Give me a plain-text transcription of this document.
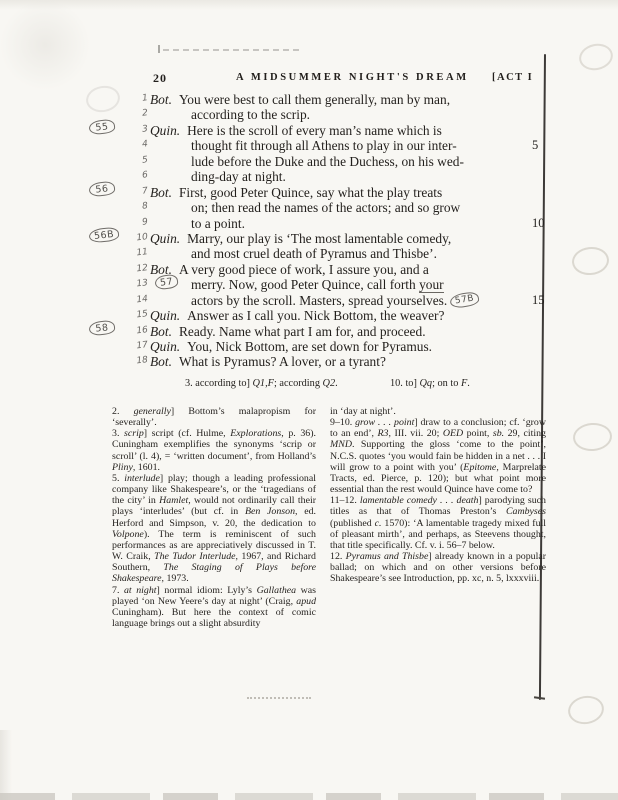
20	A MIDSUMMER NIGHT'S DREAM [ACT I
1 Bot. You were best to call them generally, man by man,
2	according to the scrip.
55	3 Quin. Here is the scroll of every man’s name which is
4	thought fit through all Athens to play in our inter-	5
5	lude before the Duke and the Duchess, on his wed-
6	ding-day at night.
56	7 Bot. First, good Peter Quince, say what the play treats
8	on; then read the names of the actors; and so grow
9	to a point.	10
56B	10 Quin. Marry, our play is ‘The most lamentable comedy,
11	and most cruel death of Pyramus and Thisbe’.
12 Bot. A very good piece of work, I assure you, and a
13	57	merry. Now, good Peter Quince, call forth your
14	actors by the scroll. Masters, spread yourselves. 57B	15
15 Quin. Answer as I call you. Nick Bottom, the weaver?
58	16 Bot. Ready. Name what part I am for, and proceed.
17 Quin. You, Nick Bottom, are set down for Pyramus.
18 Bot. What is Pyramus? A lover, or a tyrant?
3. according to] Q1,F; according Q2.	10. to] Qq; on to F.

2. generally] Bottom’s malapropism for ‘severally’.

3. scrip] script (cf. Hulme, Explorations, p. 36). Cuningham exemplifies the synonyms ‘scrip or scroll’ (l. 4), = ‘written document’, from Holland’s Pliny, 1601.

5. interlude] play; though a leading professional company like Shakespeare’s, or the ‘tragedians of the city’ in Hamlet, would not ordinarily call their plays ‘interludes’ (but cf. in Ben Jonson, ed. Herford and Simpson, v. 20, the dedication to Volpone). The term is reminiscent of such performances as are appreciatively discussed in T. W. Craik, The Tudor Interlude, 1967, and Richard Southern, The Staging of Plays before Shakespeare, 1973.

7. at night] normal idiom: Lyly’s Gallathea was played ‘on New Yeere’s day at night’ (Craig, apud Cuningham). But here the context of comic language brings out a slight absurdity

in ‘day at night’.

9–10. grow . . . point] draw to a conclusion; cf. ‘grow to an end’, R3, III. vii. 20; OED point, sb. 29, citing MND. Supporting the gloss ‘come to the point’, N.C.S. quotes ‘you would fain be hidden in a net . . . I will grow to a point with you’ (Epitome, Marprelate Tracts, ed. Pierce, p. 120); but what point more essential than the rest would Quince have come to?

11–12. lamentable comedy . . . death] parodying such titles as that of Thomas Preston’s Cambyses (published c. 1570): ‘A lamentable tragedy mixed full of pleasant mirth’, and perhaps, as Steevens thought, that title specifically. Cf. v. i. 56–7 below.

12. Pyramus and Thisbe] already known in a popular ballad; on which and on other versions before Shakespeare’s see Introduction, pp. xc, n. 5, lxxxviii.
